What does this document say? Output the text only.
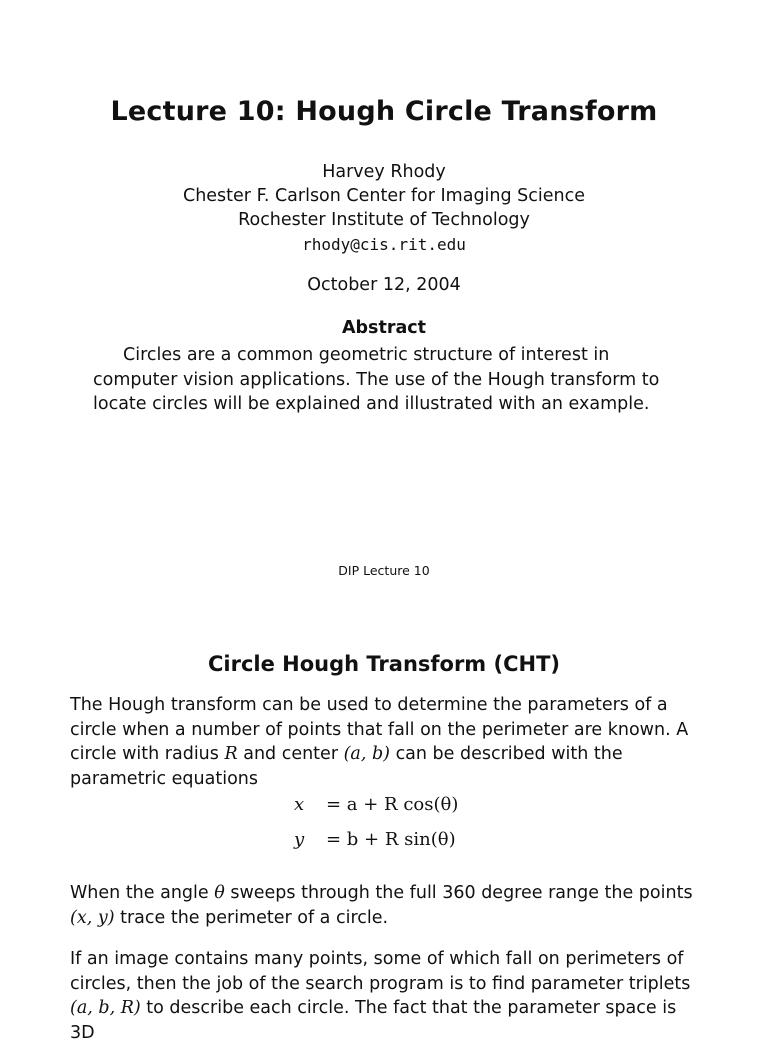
Lecture 10: Hough Circle Transform
Harvey Rhody
Chester F. Carlson Center for Imaging Science
Rochester Institute of Technology
rhody@cis.rit.edu
October 12, 2004
Abstract
Circles are a common geometric structure of interest in computer vision applications. The use of the Hough transform to locate circles will be explained and illustrated with an example.
DIP Lecture 10
Circle Hough Transform (CHT)
The Hough transform can be used to determine the parameters of a circle when a number of points that fall on the perimeter are known. A circle with radius R and center (a, b) can be described with the parametric equations
x = a + R cos(θ)
y = b + R sin(θ)
When the angle θ sweeps through the full 360 degree range the points (x, y) trace the perimeter of a circle.
If an image contains many points, some of which fall on perimeters of circles, then the job of the search program is to find parameter triplets (a, b, R) to describe each circle. The fact that the parameter space is 3D
